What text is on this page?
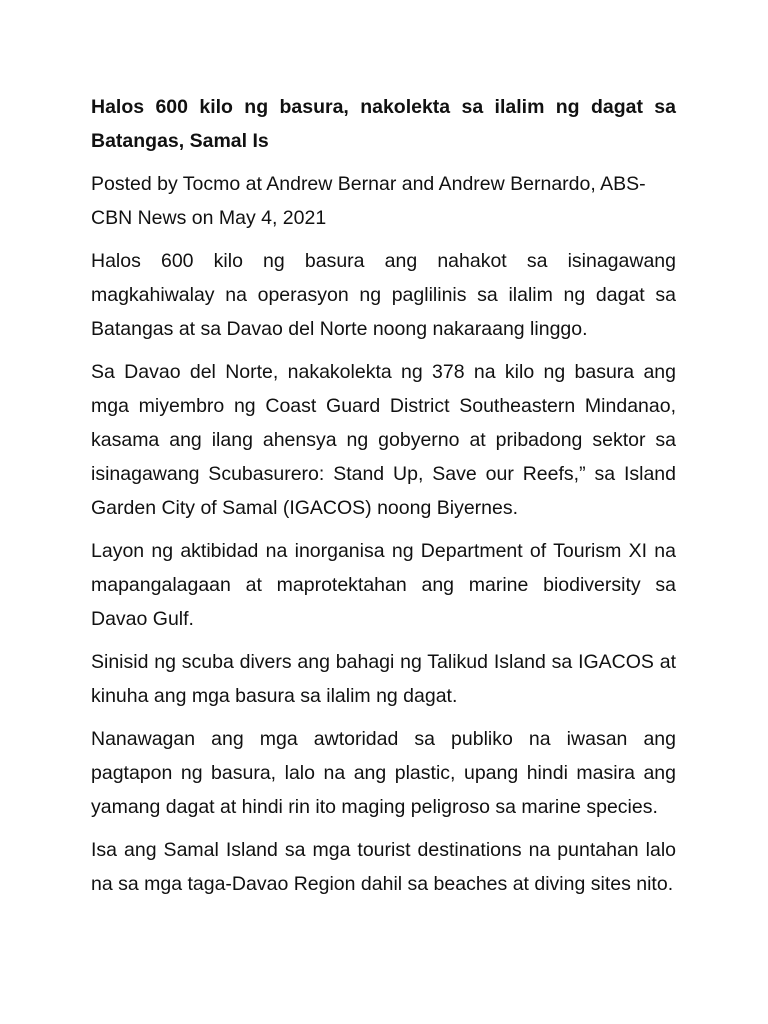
Halos 600 kilo ng basura, nakolekta sa ilalim ng dagat sa Batangas, Samal Is
Posted by Tocmo at Andrew Bernar and Andrew Bernardo, ABS-CBN News on May 4, 2021
Halos 600 kilo ng basura ang nahakot sa isinagawang magkahiwalay na operasyon ng paglilinis sa ilalim ng dagat sa Batangas at sa Davao del Norte noong nakaraang linggo.
Sa Davao del Norte, nakakolekta ng 378 na kilo ng basura ang mga miyembro ng Coast Guard District Southeastern Mindanao, kasama ang ilang ahensya ng gobyerno at pribadong sektor sa isinagawang Scubasurero: Stand Up, Save our Reefs,” sa Island Garden City of Samal (IGACOS) noong Biyernes.
Layon ng aktibidad na inorganisa ng Department of Tourism XI na mapangalagaan at maprotektahan ang marine biodiversity sa Davao Gulf.
Sinisid ng scuba divers ang bahagi ng Talikud Island sa IGACOS at kinuha ang mga basura sa ilalim ng dagat.
Nanawagan ang mga awtoridad sa publiko na iwasan ang pagtapon ng basura, lalo na ang plastic, upang hindi masira ang yamang dagat at hindi rin ito maging peligroso sa marine species.
Isa ang Samal Island sa mga tourist destinations na puntahan lalo na sa mga taga-Davao Region dahil sa beaches at diving sites nito.
